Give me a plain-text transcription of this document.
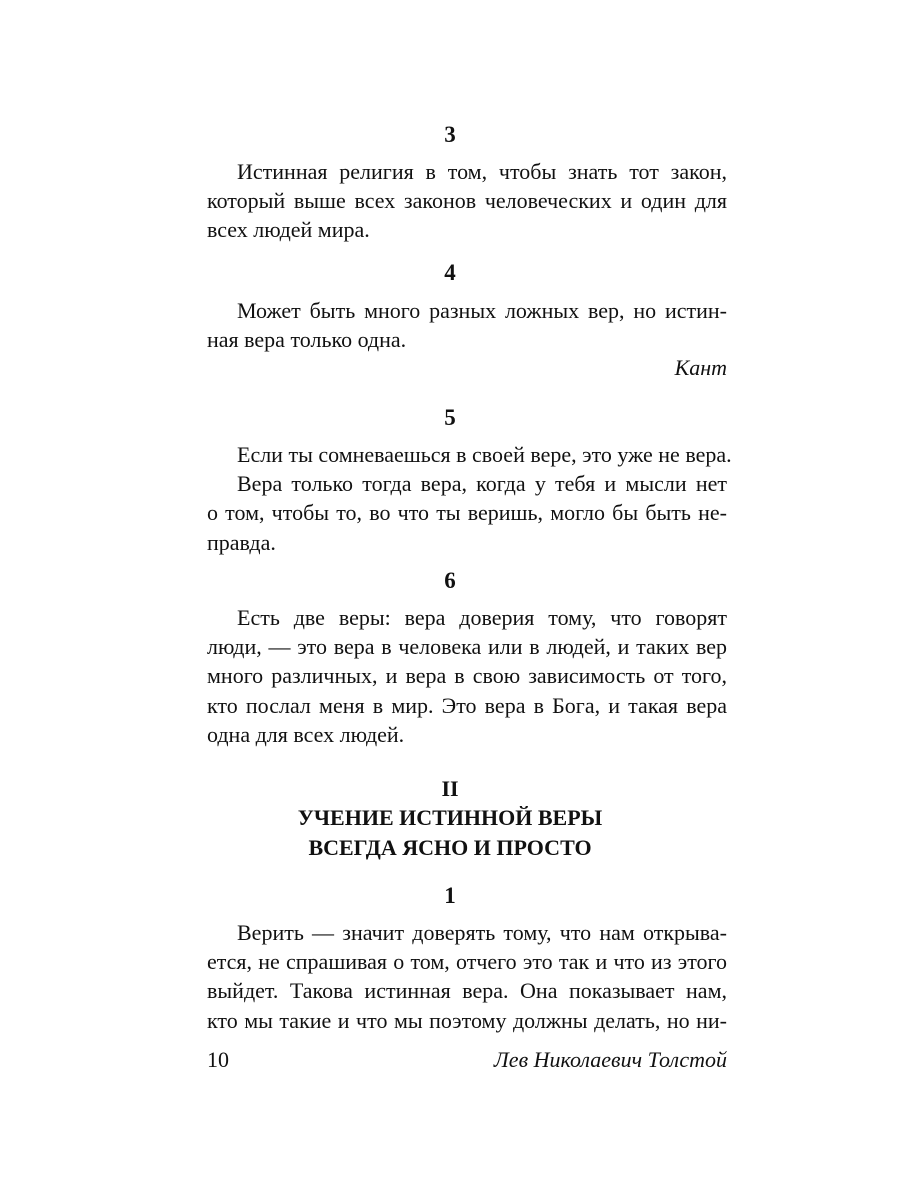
3
Истинная религия в том, чтобы знать тот закон,
который выше всех законов человеческих и один для
всех людей мира.
4
Может быть много разных ложных вер, но истин-
ная вера только одна.
Кант
5
Если ты сомневаешься в своей вере, это уже не вера.
Вера только тогда вера, когда у тебя и мысли нет
о том, чтобы то, во что ты веришь, могло бы быть не-
правда.
6
Есть две веры: вера доверия тому, что говорят
люди, — это вера в человека или в людей, и таких вер
много различных, и вера в свою зависимость от того,
кто послал меня в мир. Это вера в Бога, и такая вера
одна для всех людей.
II
УЧЕНИЕ ИСТИННОЙ ВЕРЫ
ВСЕГДА ЯСНО И ПРОСТО
1
Верить — значит доверять тому, что нам открыва-
ется, не спрашивая о том, отчего это так и что из этого
выйдет. Такова истинная вера. Она показывает нам,
кто мы такие и что мы поэтому должны делать, но ни-
10	Лев Николаевич Толстой
